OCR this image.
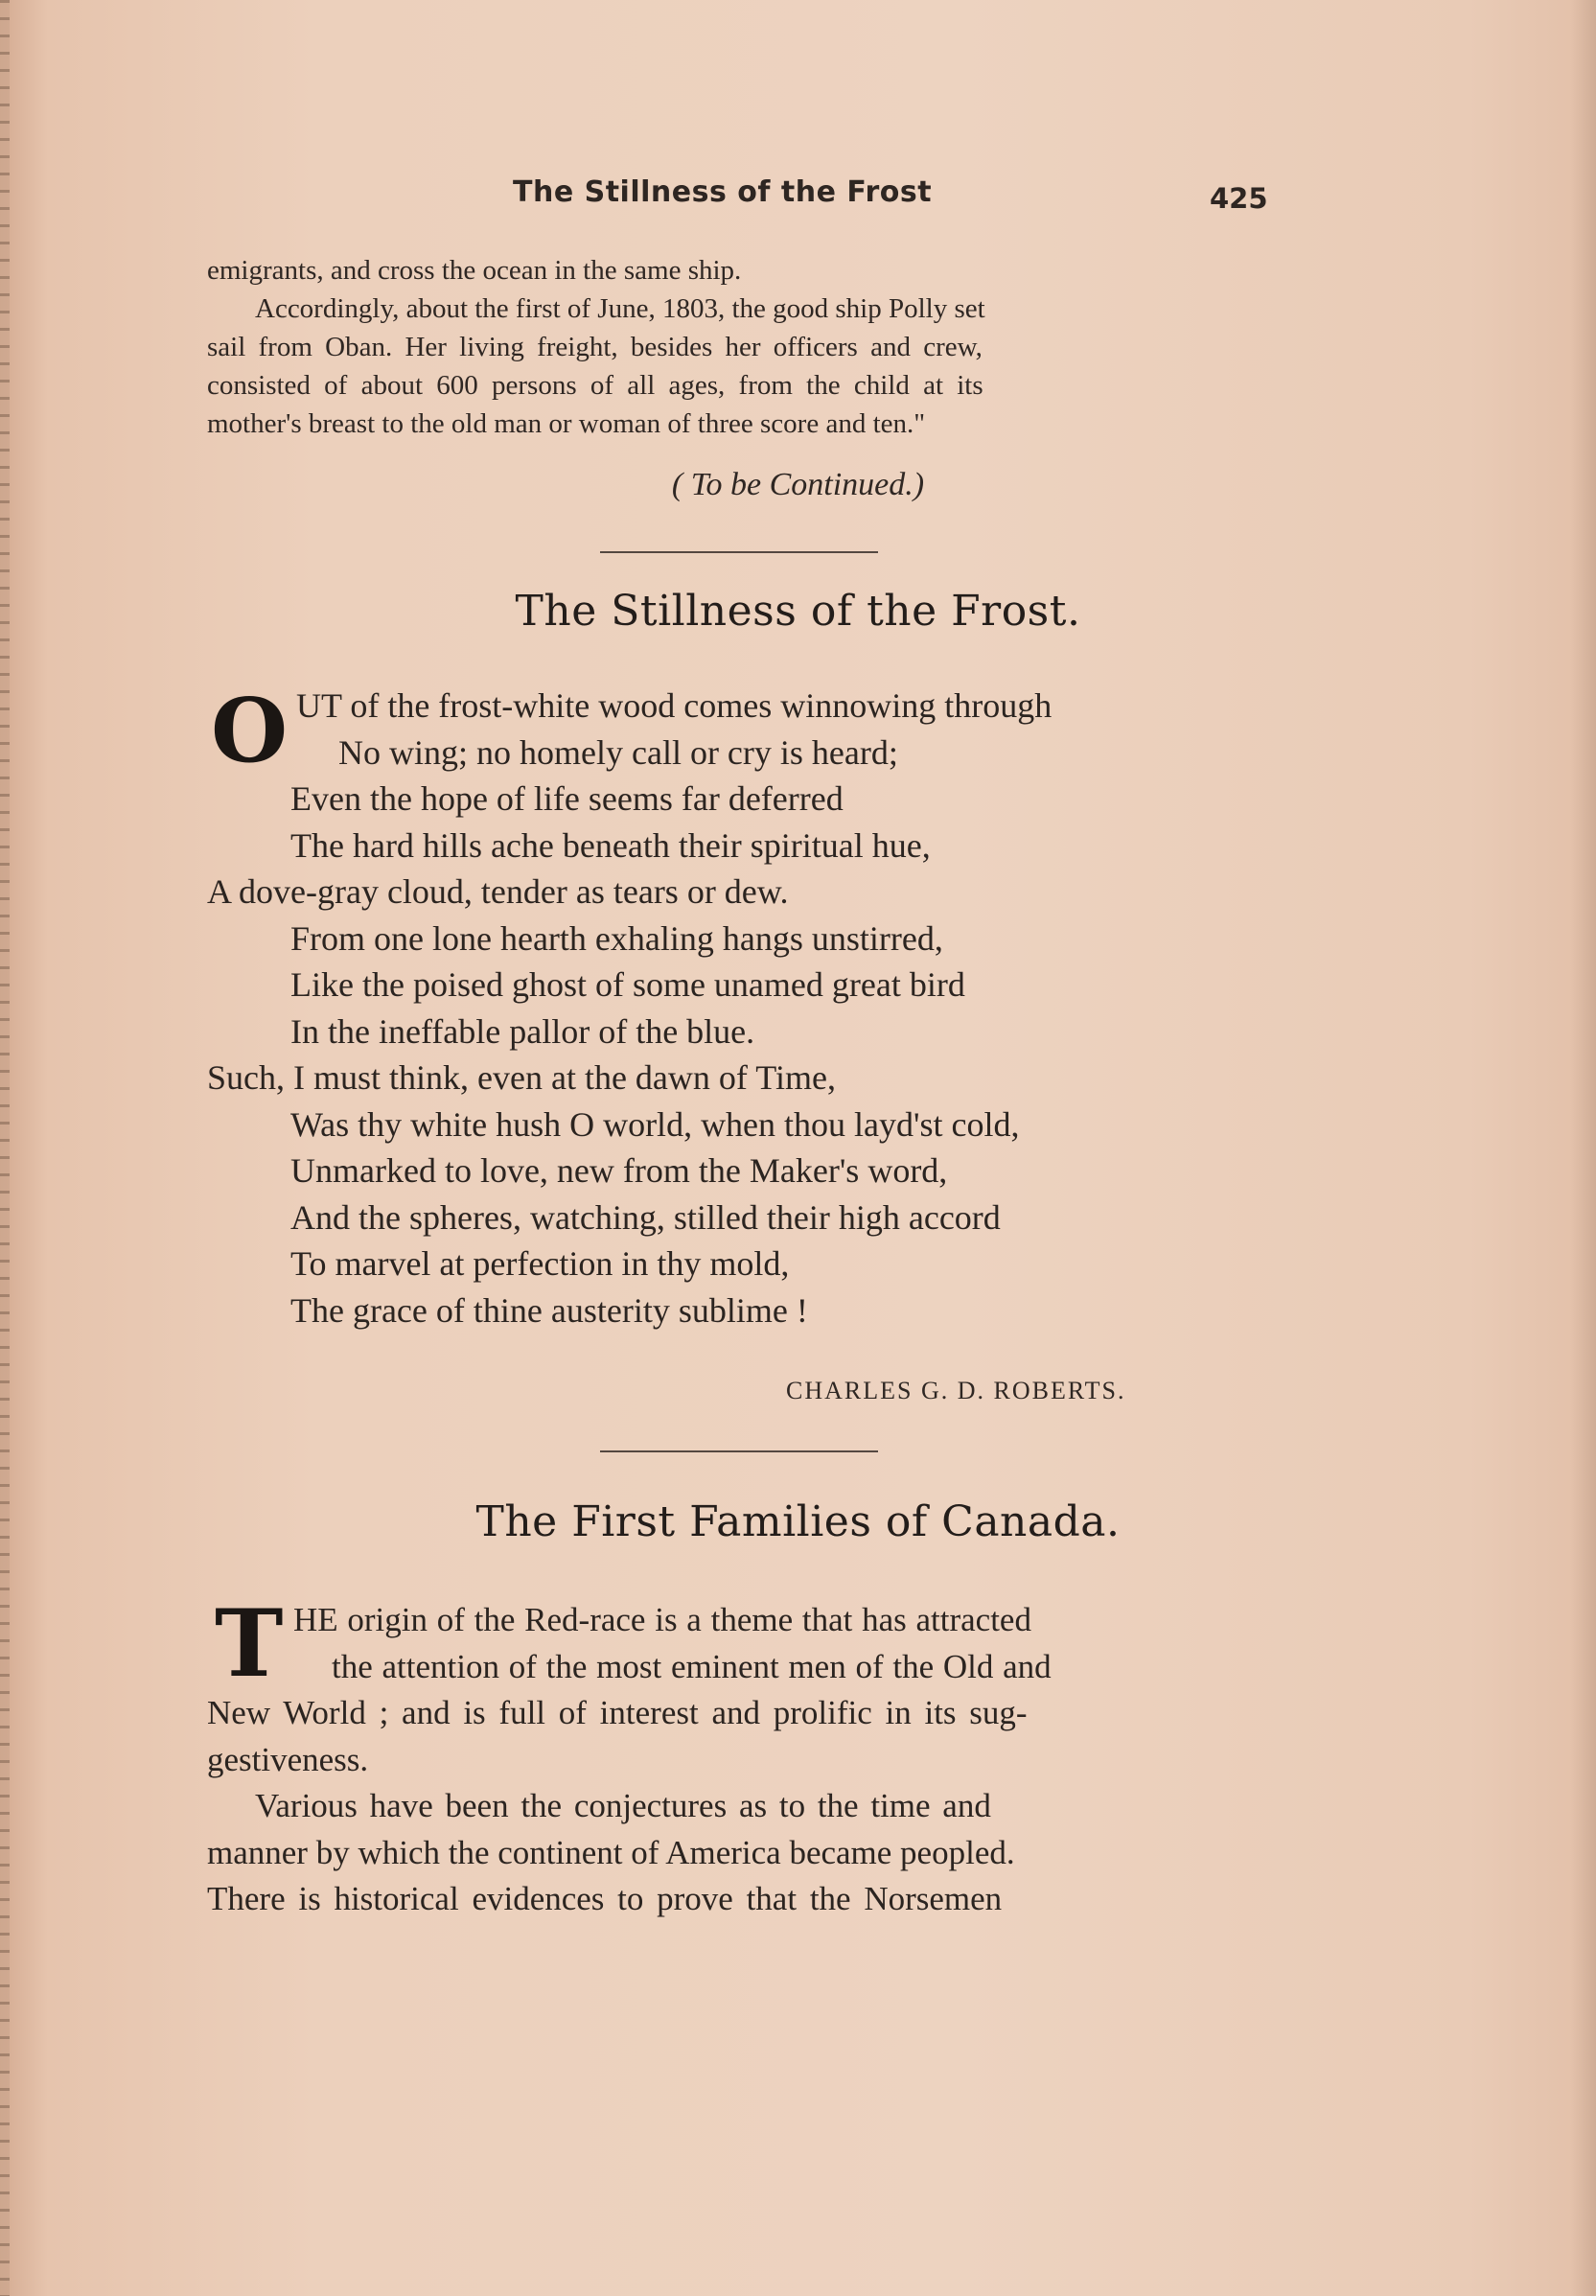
The Stillness of the Frost	425
emigrants, and cross the ocean in the same ship.
Accordingly, about the first of June, 1803, the good ship Polly set
sail from Oban. Her living freight, besides her officers and crew,
consisted of about 600 persons of all ages, from the child at its
mother's breast to the old man or woman of three score and ten."
( To be Continued.)
The Stillness of the Frost.
O UT of the frost-white wood comes winnowing through
No wing; no homely call or cry is heard;
Even the hope of life seems far deferred
The hard hills ache beneath their spiritual hue,
A dove-gray cloud, tender as tears or dew.
From one lone hearth exhaling hangs unstirred,
Like the poised ghost of some unamed great bird
In the ineffable pallor of the blue.
Such, I must think, even at the dawn of Time,
Was thy white hush O world, when thou layd'st cold,
Unmarked to love, new from the Maker's word,
And the spheres, watching, stilled their high accord
To marvel at perfection in thy mold,
The grace of thine austerity sublime !
CHARLES G. D. ROBERTS.
The First Families of Canada.
T HE origin of the Red-race is a theme that has attracted
the attention of the most eminent men of the Old and
New World ; and is full of interest and prolific in its sug-
gestiveness.
Various have been the conjectures as to the time and
manner by which the continent of America became peopled.
There is historical evidences to prove that the Norsemen
